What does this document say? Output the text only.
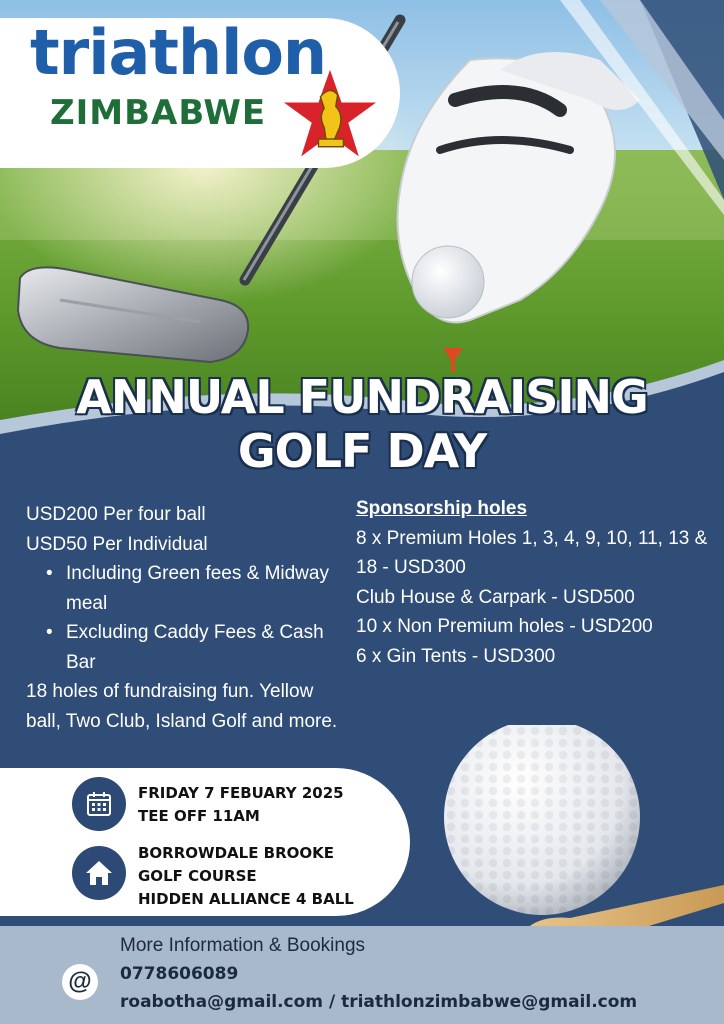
triathlon
ZIMBABWE
ANNUAL FUNDRAISING
GOLF DAY
USD200 Per four ball
USD50 Per Individual
• Including Green fees & Midway meal
• Excluding Caddy Fees & Cash Bar
18 holes of fundraising fun. Yellow ball, Two Club, Island Golf and more.
Sponsorship holes
8 x Premium Holes 1, 3, 4, 9, 10, 11, 13 & 18 - USD300
Club House & Carpark - USD500
10 x Non Premium holes - USD200
6 x Gin Tents - USD300
FRIDAY 7 FEBUARY 2025
TEE OFF 11AM
BORROWDALE BROOKE
GOLF COURSE
HIDDEN ALLIANCE 4 BALL
More Information & Bookings
@	0778606089
roabotha@gmail.com / triathlonzimbabwe@gmail.com
